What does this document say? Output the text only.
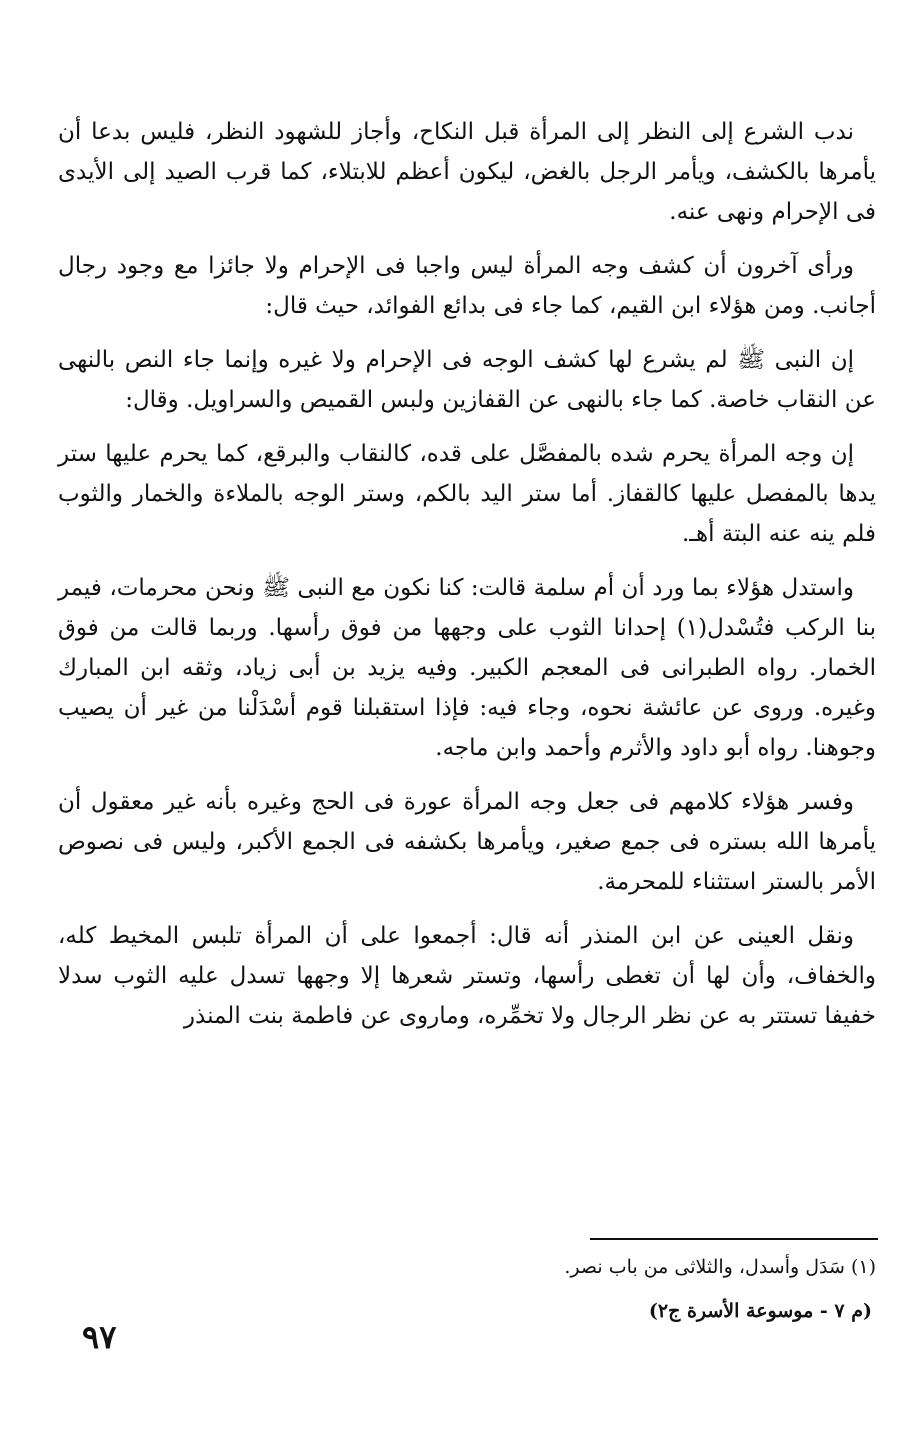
ندب الشرع إلى النظر إلى المرأة قبل النكاح، وأجاز للشهود النظر، فليس بدعا أن يأمرها بالكشف، ويأمر الرجل بالغض، ليكون أعظم للابتلاء، كما قرب الصيد إلى الأيدى فى الإحرام ونهى عنه.

ورأى آخرون أن كشف وجه المرأة ليس واجبا فى الإحرام ولا جائزا مع وجود رجال أجانب. ومن هؤلاء ابن القيم، كما جاء فى بدائع الفوائد، حيث قال:

إن النبى ﷺ لم يشرع لها كشف الوجه فى الإحرام ولا غيره وإنما جاء النص بالنهى عن النقاب خاصة. كما جاء بالنهى عن القفازين ولبس القميص والسراويل. وقال:

إن وجه المرأة يحرم شده بالمفصَّل على قده، كالنقاب والبرقع، كما يحرم عليها ستر يدها بالمفصل عليها كالقفاز. أما ستر اليد بالكم، وستر الوجه بالملاءة والخمار والثوب فلم ينه عنه البتة أهـ.

واستدل هؤلاء بما ورد أن أم سلمة قالت: كنا نكون مع النبى ﷺ ونحن محرمات، فيمر بنا الركب فتُسْدل(١) إحدانا الثوب على وجهها من فوق رأسها. وربما قالت من فوق الخمار. رواه الطبرانى فى المعجم الكبير. وفيه يزيد بن أبى زياد، وثقه ابن المبارك وغيره. وروى عن عائشة نحوه، وجاء فيه: فإذا استقبلنا قوم أسْدَلْنا من غير أن يصيب وجوهنا. رواه أبو داود والأثرم وأحمد وابن ماجه.

وفسر هؤلاء كلامهم فى جعل وجه المرأة عورة فى الحج وغيره بأنه غير معقول أن يأمرها الله بستره فى جمع صغير، ويأمرها بكشفه فى الجمع الأكبر، وليس فى نصوص الأمر بالستر استثناء للمحرمة.

ونقل العينى عن ابن المنذر أنه قال: أجمعوا على أن المرأة تلبس المخيط كله، والخفاف، وأن لها أن تغطى رأسها، وتستر شعرها إلا وجهها تسدل عليه الثوب سدلا خفيفا تستتر به عن نظر الرجال ولا تخمِّره، وماروى عن فاطمة بنت المنذر

(١) سَدَل وأسدل، والثلاثى من باب نصر.
(م ٧ - موسوعة الأسرة ج٢)
٩٧
